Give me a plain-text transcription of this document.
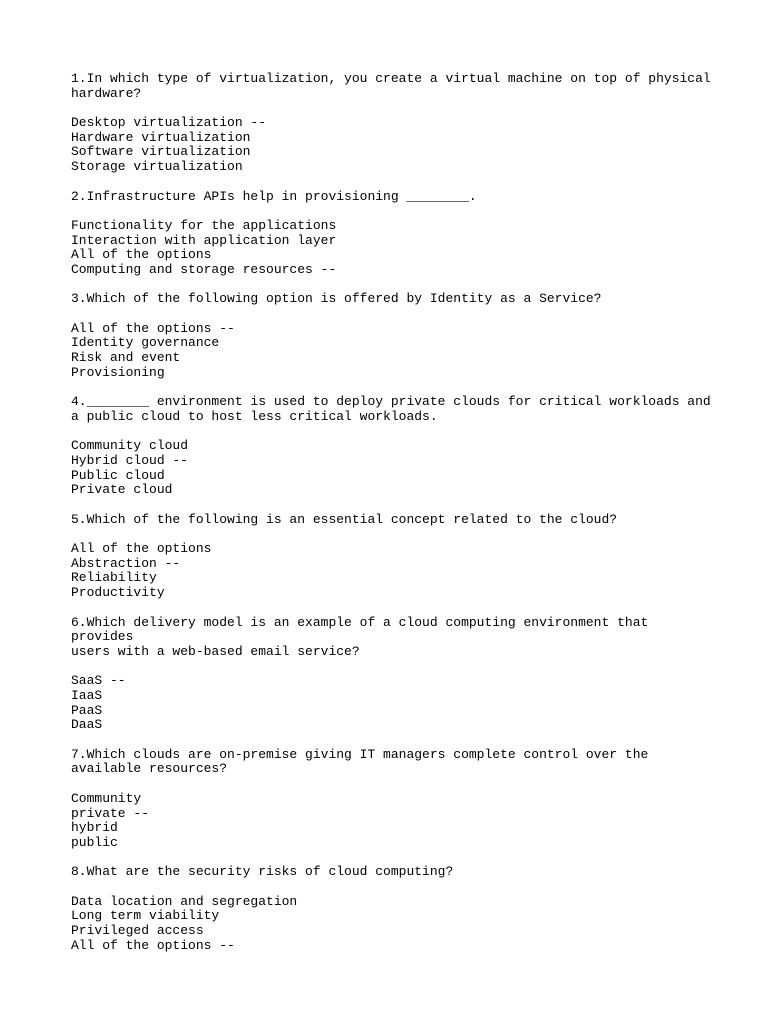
1.In which type of virtualization, you create a virtual machine on top of physical
hardware?
Desktop virtualization --
Hardware virtualization
Software virtualization
Storage virtualization
2.Infrastructure APIs help in provisioning ________.
Functionality for the applications
Interaction with application layer
All of the options
Computing and storage resources --
3.Which of the following option is offered by Identity as a Service?
All of the options --
Identity governance
Risk and event
Provisioning
4.________ environment is used to deploy private clouds for critical workloads and
a public cloud to host less critical workloads.
Community cloud
Hybrid cloud --
Public cloud
Private cloud
5.Which of the following is an essential concept related to the cloud?
All of the options
Abstraction --
Reliability
Productivity
6.Which delivery model is an example of a cloud computing environment that provides
users with a web-based email service?
SaaS --
IaaS
PaaS
DaaS
7.Which clouds are on-premise giving IT managers complete control over the
available resources?
Community
private --
hybrid
public
8.What are the security risks of cloud computing?
Data location and segregation
Long term viability
Privileged access
All of the options --
